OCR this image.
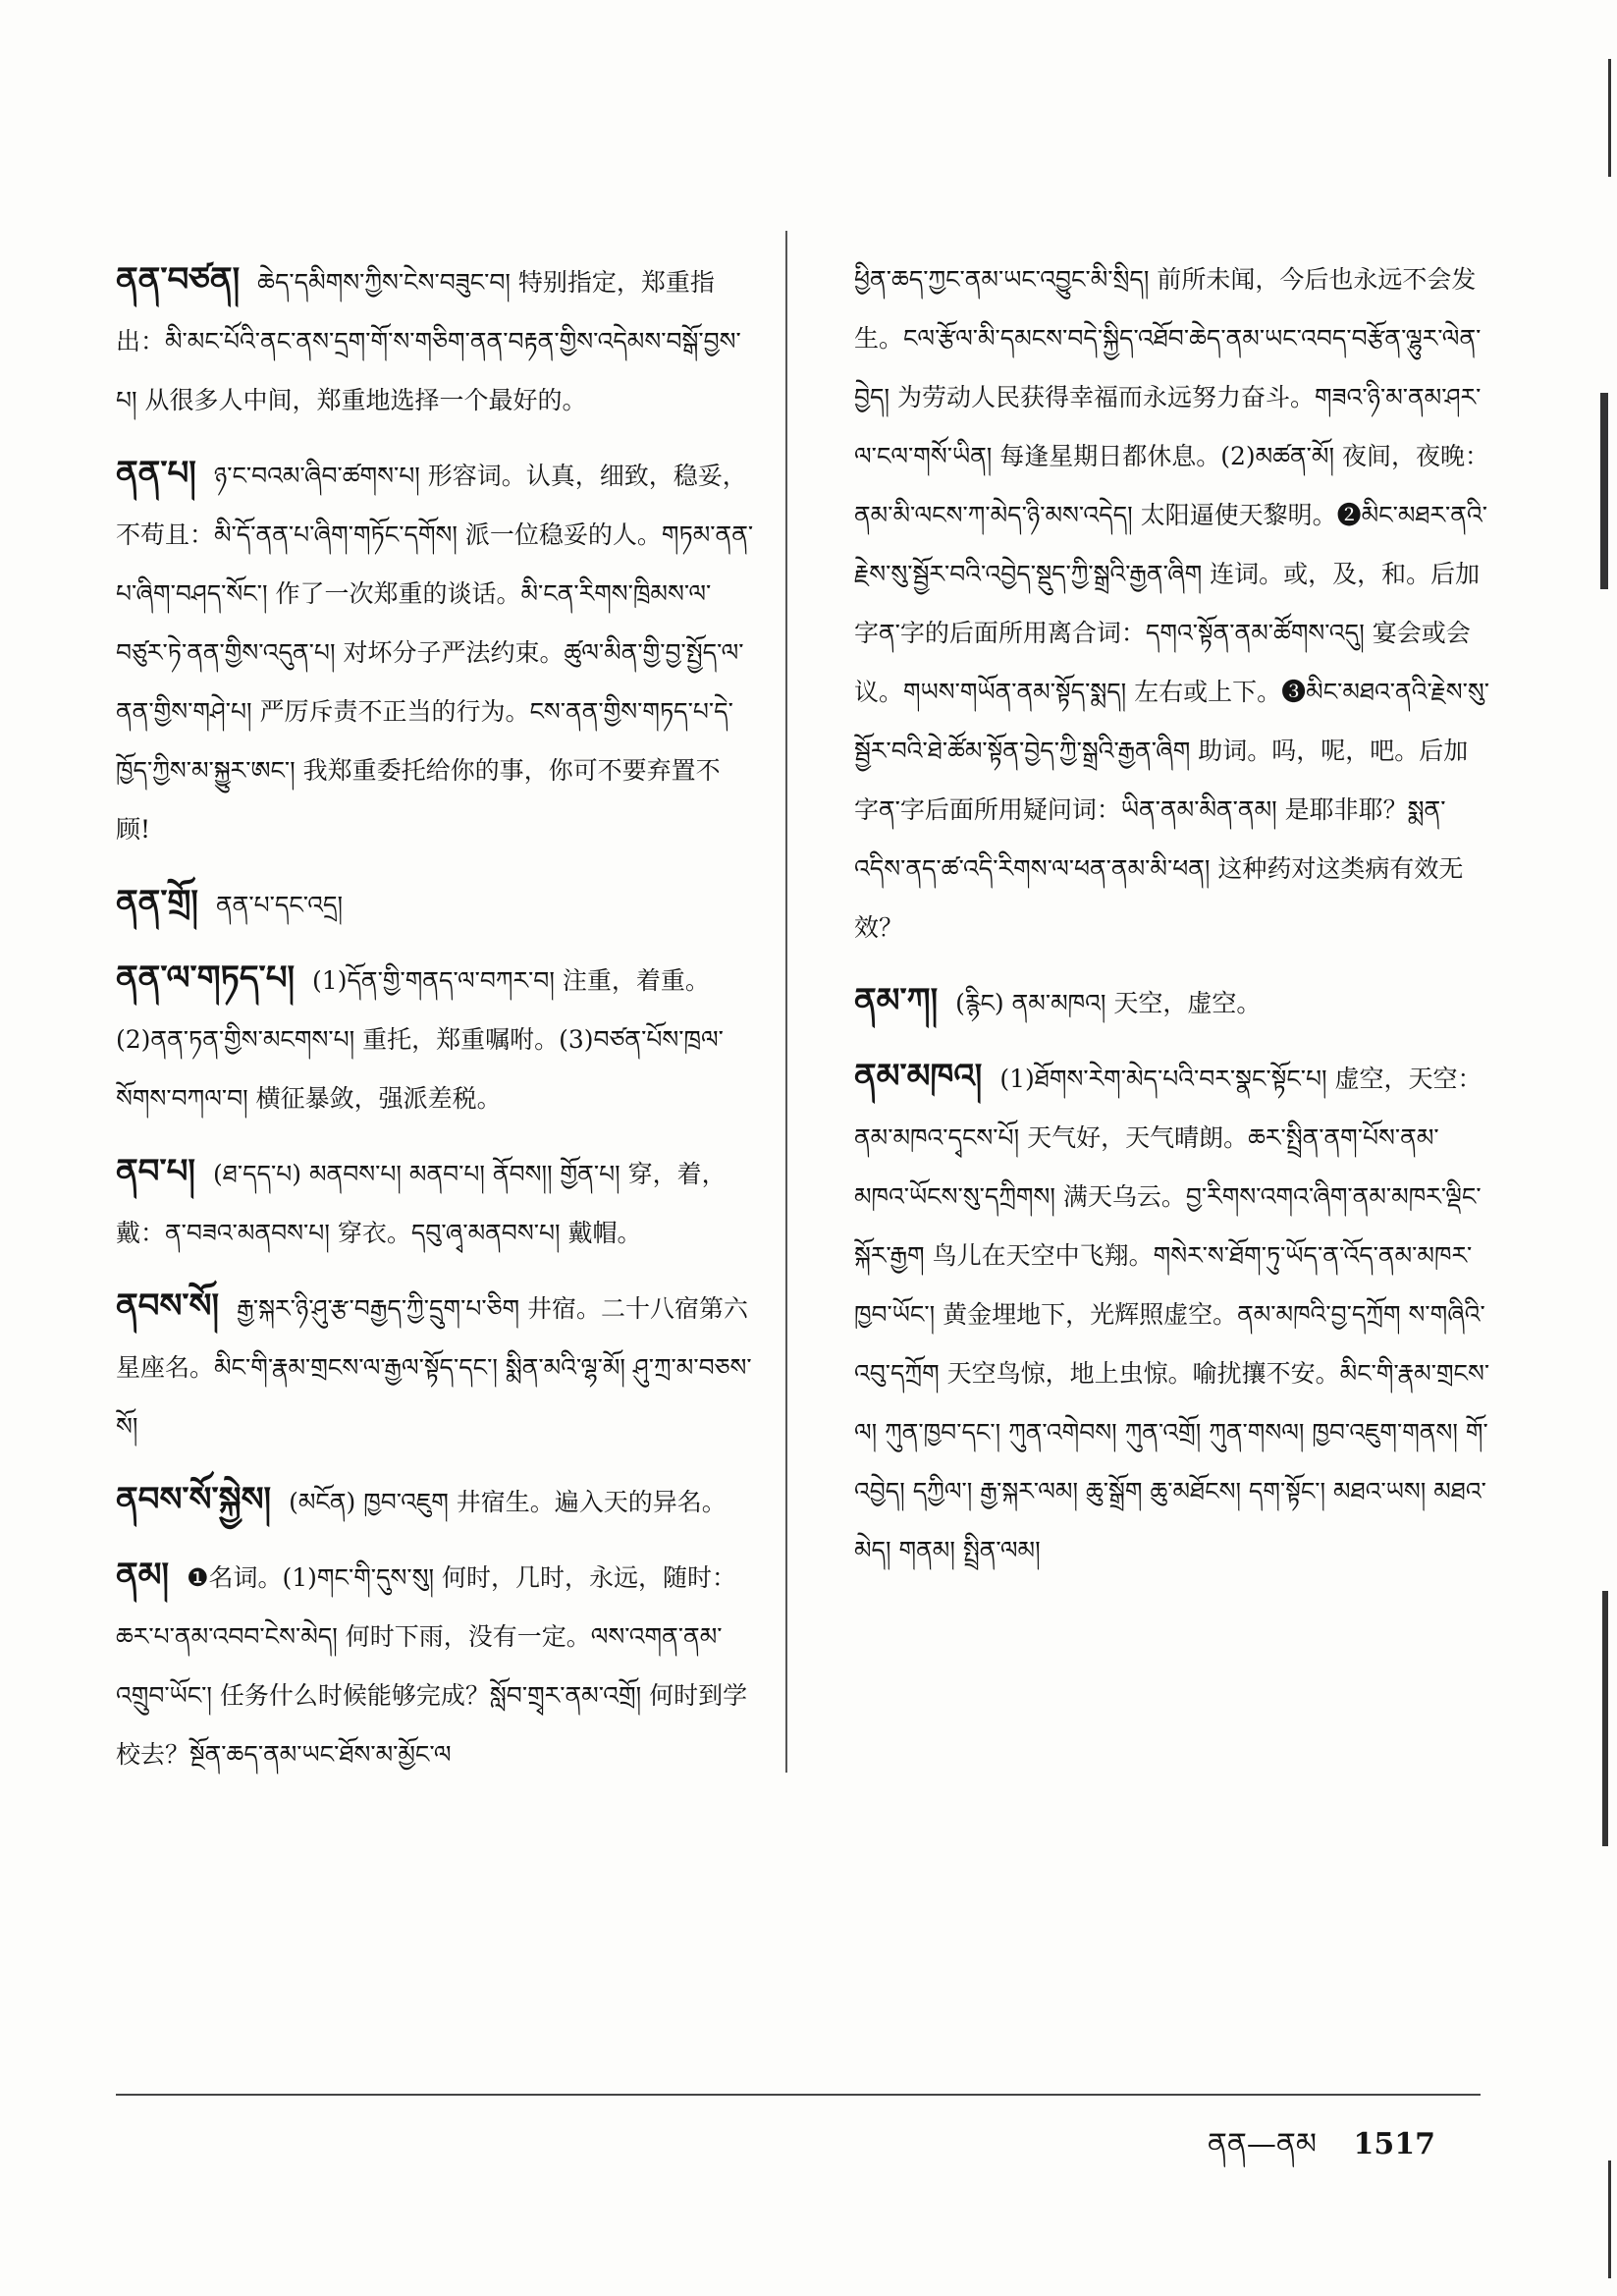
ནན་བཙན། ཆེད་དམིགས་ཀྱིས་ངེས་བཟུང་བ། 特别指定，郑重指出：མི་མང་པོའི་ནང་ནས་དྲག་གོ་ས་གཅིག་ནན་བརྟན་གྱིས་འདེམས་བསྒོ་བྱས་པ། 从很多人中间，郑重地选择一个最好的。
ནན་པ། ཉ་ང་བའམ་ཞིབ་ཚགས་པ། 形容词。认真，细致，稳妥，不苟且：མི་དོ་ནན་པ་ཞིག་གཏོང་དགོས། 派一位稳妥的人。གཏམ་ནན་པ་ཞིག་བཤད་སོང་། 作了一次郑重的谈话。མི་ངན་རིགས་ཁྲིམས་ལ་བཙུར་ཏེ་ནན་གྱིས་འདུན་པ། 对坏分子严法约束。ཚུལ་མིན་གྱི་བྱ་སྤྱོད་ལ་ནན་གྱིས་གཤེ་པ། 严厉斥责不正当的行为。ངས་ནན་གྱིས་གཏད་པ་དེ་ཁྱོད་ཀྱིས་མ་སྐྱུར་ཨང་། 我郑重委托给你的事，你可不要弃置不顾!
ནན་གྲོ། ནན་པ་དང་འདྲ།
ནན་ལ་གཏད་པ། (1)དོན་གྱི་གནད་ལ་བཀར་བ། 注重，着重。(2)ནན་ཏན་གྱིས་མངགས་པ། 重托，郑重嘱咐。(3)བཙན་པོས་ཁྲལ་སོགས་བཀལ་བ། 横征暴敛，强派差税。
ནབ་པ། (ཐ་དད་པ) མནབས་པ། མནབ་པ། ནོབས།། གྱོན་པ། 穿，着，戴：ན་བཟའ་མནབས་པ། 穿衣。དབུ་ཞྭ་མནབས་པ། 戴帽。
ནབས་སོ། རྒྱ་སྐར་ཉི་ཤུ་རྩ་བརྒྱད་ཀྱི་དྲུག་པ་ཅིག 井宿。二十八宿第六星座名。མིང་གི་རྣམ་གྲངས་ལ་རྒྱལ་སྟོད་དང་། སྨིན་མའི་ལྷ་མོ། ཤུ་ཀྲ་མ་བཅས་སོ།
ནབས་སོ་སྐྱེས། (མངོན) ཁྱབ་འཇུག 井宿生。遍入天的异名。
ནམ། ❶名词。(1)གང་གི་དུས་སུ། 何时，几时，永远，随时：ཆར་པ་ནམ་འབབ་ངེས་མེད། 何时下雨，没有一定。ལས་འགན་ནམ་འགྲུབ་ཡོང་། 任务什么时候能够完成？སློབ་གྲྭར་ནམ་འགྲོ། 何时到学校去？སྔོན་ཆད་ནམ་ཡང་ཐོས་མ་མྱོང་ལ
ཕྱིན་ཆད་ཀྱང་ནམ་ཡང་འབྱུང་མི་སྲིད། 前所未闻，今后也永远不会发生。ངལ་རྩོལ་མི་དམངས་བདེ་སྐྱིད་འཐོབ་ཆེད་ནམ་ཡང་འབད་བརྩོན་ལྷུར་ལེན་བྱེད། 为劳动人民获得幸福而永远努力奋斗。གཟའ་ཉི་མ་ནམ་ཤར་ལ་ངལ་གསོ་ཡིན། 每逢星期日都休息。(2)མཚན་མོ། 夜间，夜晚：ནམ་མི་ལངས་ཀ་མེད་ཉི་མས་འདེད། 太阳逼使天黎明。❷མིང་མཐར་ནའི་རྗེས་སུ་སྦྱོར་བའི་འབྱེད་སྡུད་ཀྱི་སྒྲའི་རྒྱན་ཞིག 连词。或，及，和。后加字ན་字的后面所用离合词：དགའ་སྟོན་ནམ་ཚོགས་འདུ། 宴会或会议。གཡས་གཡོན་ནམ་སྟོད་སྨད། 左右或上下。❸མིང་མཐའ་ནའི་རྗེས་སུ་སྦྱོར་བའི་ཐེ་ཚོམ་སྟོན་བྱེད་ཀྱི་སྒྲའི་རྒྱན་ཞིག 助词。吗，呢，吧。后加字ན་字后面所用疑问词：ཡིན་ནམ་མིན་ནམ། 是耶非耶？སྨན་འདིས་ནད་ཚ་འདི་རིགས་ལ་ཕན་ནམ་མི་ཕན། 这种药对这类病有效无效？
ནམ་ཀ། (རྙིང) ནམ་མཁའ། 天空，虚空。
ནམ་མཁའ། (1)ཐོགས་རེག་མེད་པའི་བར་སྣང་སྟོང་པ། 虚空，天空：ནམ་མཁའ་དྭངས་པོ། 天气好，天气晴朗。ཆར་སྤྲིན་ནག་པོས་ནམ་མཁའ་ཡོངས་སུ་དཀྲིགས། 满天乌云。བྱ་རིགས་འགའ་ཞིག་ནམ་མཁར་ལྡིང་སྐོར་རྒྱག 鸟儿在天空中飞翔。གསེར་ས་ཐོག་ཏུ་ཡོད་ན་འོད་ནམ་མཁར་ཁྱབ་ཡོང་། 黄金埋地下，光辉照虚空。ནམ་མཁའི་བྱ་དཀྲོག ས་གཞིའི་འབུ་དཀྲོག 天空鸟惊，地上虫惊。喻扰攘不安。མིང་གི་རྣམ་གྲངས་ལ། ཀུན་ཁྱབ་དང་། ཀུན་འགེབས། ཀུན་འགྲོ། ཀུན་གསལ། ཁྱབ་འཇུག་གནས། གོ་འབྱེད། དཀྱིལ་། རྒྱ་སྐར་ལམ། ཆུ་སྒྲོག ཆུ་མཐོངས། དག་སྟོང་། མཐའ་ཡས། མཐའ་མེད། གནམ། སྤྲིན་ལམ།
ནན—ནམ 1517
